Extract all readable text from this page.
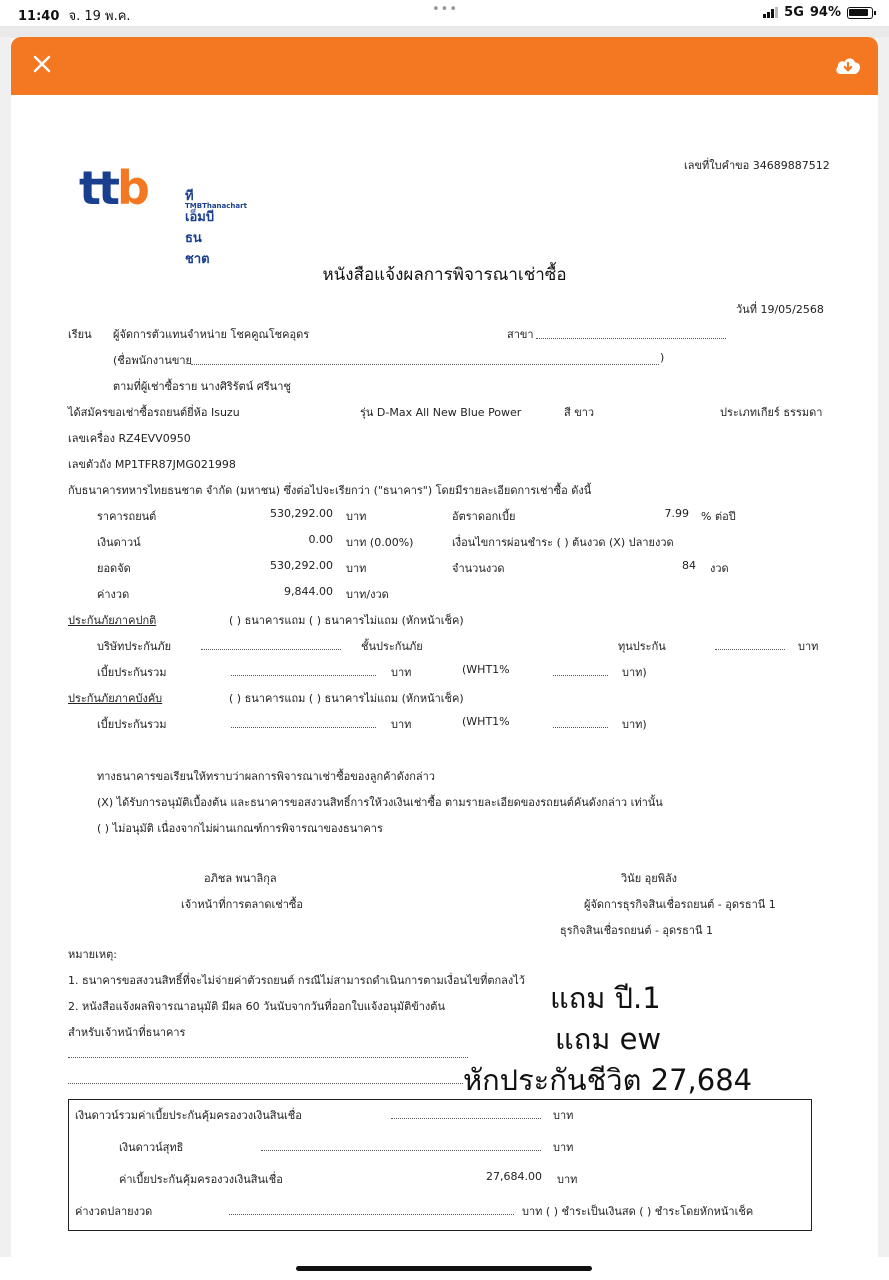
11:40 จ. 19 พ.ค.	•••	5G 94%
ttb	ทีเอ็มบีธนชาต
TMBThanachart
เลขที่ใบคำขอ 34689887512
หนังสือแจ้งผลการพิจารณาเช่าซื้อ
วันที่ 19/05/2568
เรียน ผู้จัดการตัวแทนจำหน่าย โชคคูณโชคอุดร	สาขา
(ชื่อพนักงานขาย	)
ตามที่ผู้เช่าซื้อราย นางศิริรัตน์ ศรีนาชู
ได้สมัครขอเช่าซื้อรถยนต์ยี่ห้อ Isuzu	รุ่น D-Max All New Blue Power	สี ขาว	ประเภทเกียร์ ธรรมดา
เลขเครื่อง RZ4EVV0950
เลขตัวถัง MP1TFR87JMG021998
กับธนาคารทหารไทยธนชาต จำกัด (มหาชน) ซึ่งต่อไปจะเรียกว่า ("ธนาคาร") โดยมีรายละเอียดการเช่าซื้อ ดังนี้
ราคารถยนต์	530,292.00 บาท	อัตราดอกเบี้ย	7.99 % ต่อปี
เงินดาวน์	0.00 บาท (0.00%)	เงื่อนไขการผ่อนชำระ ( ) ต้นงวด (X) ปลายงวด
ยอดจัด	530,292.00 บาท	จำนวนงวด	84 งวด
ค่างวด	9,844.00 บาท/งวด
ประกันภัยภาคปกติ	( ) ธนาคารแถม ( ) ธนาคารไม่แถม (หักหน้าเช็ค)
บริษัทประกันภัย	ชั้นประกันภัย	ทุนประกัน	บาท
เบี้ยประกันรวม	บาท	(WHT1%	บาท)
ประกันภัยภาคบังคับ	( ) ธนาคารแถม ( ) ธนาคารไม่แถม (หักหน้าเช็ค)
เบี้ยประกันรวม	บาท	(WHT1%	บาท)
ทางธนาคารขอเรียนให้ทราบว่าผลการพิจารณาเช่าซื้อของลูกค้าดังกล่าว
(X) ได้รับการอนุมัติเบื้องต้น และธนาคารขอสงวนสิทธิ์การให้วงเงินเช่าซื้อ ตามรายละเอียดของรถยนต์คันดังกล่าว เท่านั้น
( ) ไม่อนุมัติ เนื่องจากไม่ผ่านเกณฑ์การพิจารณาของธนาคาร
อภิชล พนาลิกุล
เจ้าหน้าที่การตลาดเช่าซื้อ
วินัย อุยพิลัง
ผู้จัดการธุรกิจสินเชื่อรถยนต์ - อุดรธานี 1
ธุรกิจสินเชื่อรถยนต์ - อุดรธานี 1
หมายเหตุ:
1. ธนาคารขอสงวนสิทธิ์ที่จะไม่จ่ายค่าตัวรถยนต์ กรณีไม่สามารถดำเนินการตามเงื่อนไขที่ตกลงไว้
2. หนังสือแจ้งผลพิจารณาอนุมัติ มีผล 60 วันนับจากวันที่ออกใบแจ้งอนุมัติข้างต้น
สำหรับเจ้าหน้าที่ธนาคาร
แถม ปี.1
แถม ew
หักประกันชีวิต 27,684
เงินดาวน์รวมค่าเบี้ยประกันคุ้มครองวงเงินสินเชื่อ	บาท
เงินดาวน์สุทธิ	บาท
ค่าเบี้ยประกันคุ้มครองวงเงินสินเชื่อ	27,684.00 บาท
ค่างวดปลายงวด	บาท ( ) ชำระเป็นเงินสด ( ) ชำระโดยหักหน้าเช็ค
